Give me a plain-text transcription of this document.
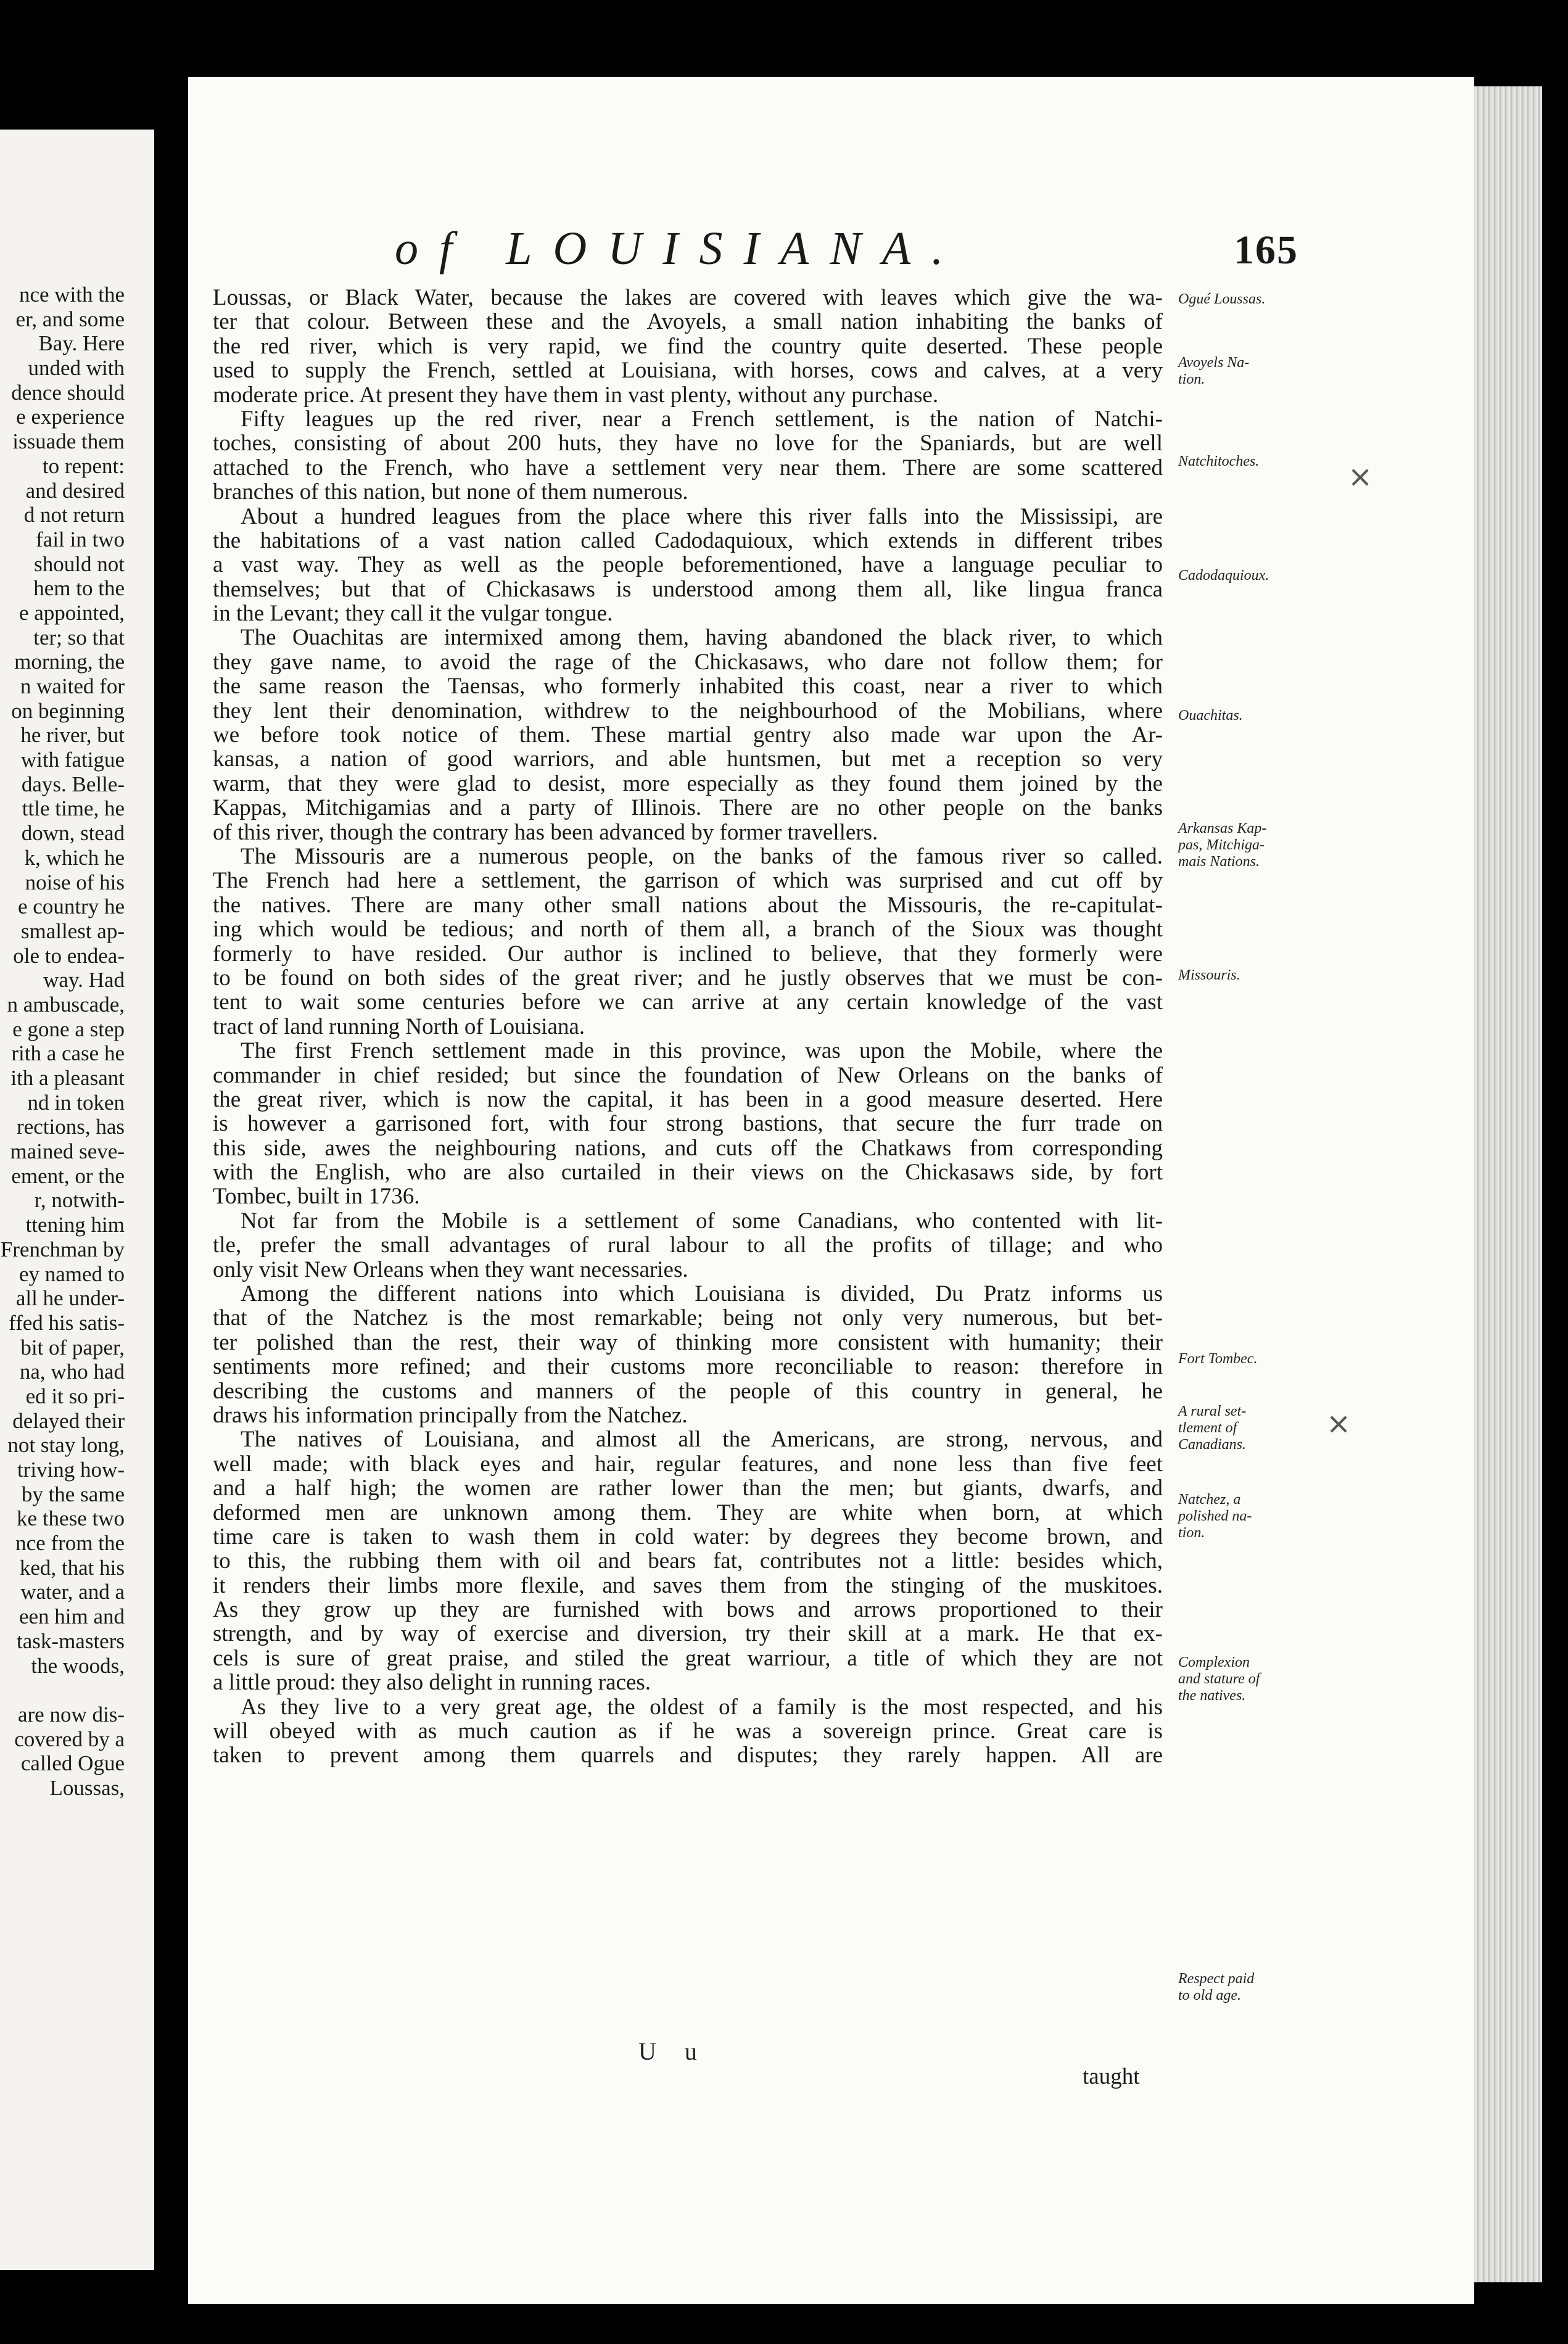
nce with the
er, and some
Bay. Here
unded with
dence should
e experience
issuade them
to repent:
and desired
d not return
fail in two
should not
hem to the
e appointed,
ter; so that
morning, the
n waited for
on beginning
he river, but
with fatigue
days. Belle-
ttle time, he
down, stead
k, which he
noise of his
e country he
smallest ap-
ole to endea-
way. Had
n ambuscade,
e gone a step
rith a case he
ith a pleasant
nd in token
rections, has
mained seve-
ement, or the
r, notwith-
ttening him
Frenchman by
ey named to
all he under-
ffed his satis-
bit of paper,
na, who had
ed it so pri-
delayed their
not stay long,
triving how-
by the same
ke these two
nce from the
ked, that his
water, and a
een him and
task-masters
the woods,
are now dis-
covered by a
called Ogue
Loussas,
of LOUISIANA.	165
Loussas, or Black Water, because the lakes are covered with leaves which give the wa-
ter that colour. Between these and the Avoyels, a small nation inhabiting the banks of
the red river, which is very rapid, we find the country quite deserted. These people
used to supply the French, settled at Louisiana, with horses, cows and calves, at a very
moderate price. At present they have them in vast plenty, without any purchase.
Fifty leagues up the red river, near a French settlement, is the nation of Natchi-
toches, consisting of about 200 huts, they have no love for the Spaniards, but are well
attached to the French, who have a settlement very near them. There are some scattered
branches of this nation, but none of them numerous.
About a hundred leagues from the place where this river falls into the Mississipi, are
the habitations of a vast nation called Cadodaquioux, which extends in different tribes
a vast way. They as well as the people beforementioned, have a language peculiar to
themselves; but that of Chickasaws is understood among them all, like lingua franca
in the Levant; they call it the vulgar tongue.
The Ouachitas are intermixed among them, having abandoned the black river, to which
they gave name, to avoid the rage of the Chickasaws, who dare not follow them; for
the same reason the Taensas, who formerly inhabited this coast, near a river to which
they lent their denomination, withdrew to the neighbourhood of the Mobilians, where
we before took notice of them. These martial gentry also made war upon the Ar-
kansas, a nation of good warriors, and able huntsmen, but met a reception so very
warm, that they were glad to desist, more especially as they found them joined by the
Kappas, Mitchigamias and a party of Illinois. There are no other people on the banks
of this river, though the contrary has been advanced by former travellers.
The Missouris are a numerous people, on the banks of the famous river so called.
The French had here a settlement, the garrison of which was surprised and cut off by
the natives. There are many other small nations about the Missouris, the re-capitulat-
ing which would be tedious; and north of them all, a branch of the Sioux was thought
formerly to have resided. Our author is inclined to believe, that they formerly were
to be found on both sides of the great river; and he justly observes that we must be con-
tent to wait some centuries before we can arrive at any certain knowledge of the vast
tract of land running North of Louisiana.
The first French settlement made in this province, was upon the Mobile, where the
commander in chief resided; but since the foundation of New Orleans on the banks of
the great river, which is now the capital, it has been in a good measure deserted. Here
is however a garrisoned fort, with four strong bastions, that secure the furr trade on
this side, awes the neighbouring nations, and cuts off the Chatkaws from corresponding
with the English, who are also curtailed in their views on the Chickasaws side, by fort
Tombec, built in 1736.
Not far from the Mobile is a settlement of some Canadians, who contented with lit-
tle, prefer the small advantages of rural labour to all the profits of tillage; and who
only visit New Orleans when they want necessaries.
Among the different nations into which Louisiana is divided, Du Pratz informs us
that of the Natchez is the most remarkable; being not only very numerous, but bet-
ter polished than the rest, their way of thinking more consistent with humanity; their
sentiments more refined; and their customs more reconciliable to reason: therefore in
describing the customs and manners of the people of this country in general, he
draws his information principally from the Natchez.
The natives of Louisiana, and almost all the Americans, are strong, nervous, and
well made; with black eyes and hair, regular features, and none less than five feet
and a half high; the women are rather lower than the men; but giants, dwarfs, and
deformed men are unknown among them. They are white when born, at which
time care is taken to wash them in cold water: by degrees they become brown, and
to this, the rubbing them with oil and bears fat, contributes not a little: besides which,
it renders their limbs more flexile, and saves them from the stinging of the muskitoes.
As they grow up they are furnished with bows and arrows proportioned to their
strength, and by way of exercise and diversion, try their skill at a mark. He that ex-
cels is sure of great praise, and stiled the great warriour, a title of which they are not
a little proud: they also delight in running races.
As they live to a very great age, the oldest of a family is the most respected, and his
will obeyed with as much caution as if he was a sovereign prince. Great care is
taken to prevent among them quarrels and disputes; they rarely happen. All are
Ogué Loussas.
Avoyels Na-
tion.
Natchitoches.
Cadodaquioux.
Ouachitas.
Arkansas Kap-
pas, Mitchiga-
mais Nations.
Missouris.
Fort Tombec.
A rural set-
tlement of
Canadians.
Natchez, a
polished na-
tion.
Complexion
and stature of
the natives.
Respect paid
to old age.
×
×
U u
taught
